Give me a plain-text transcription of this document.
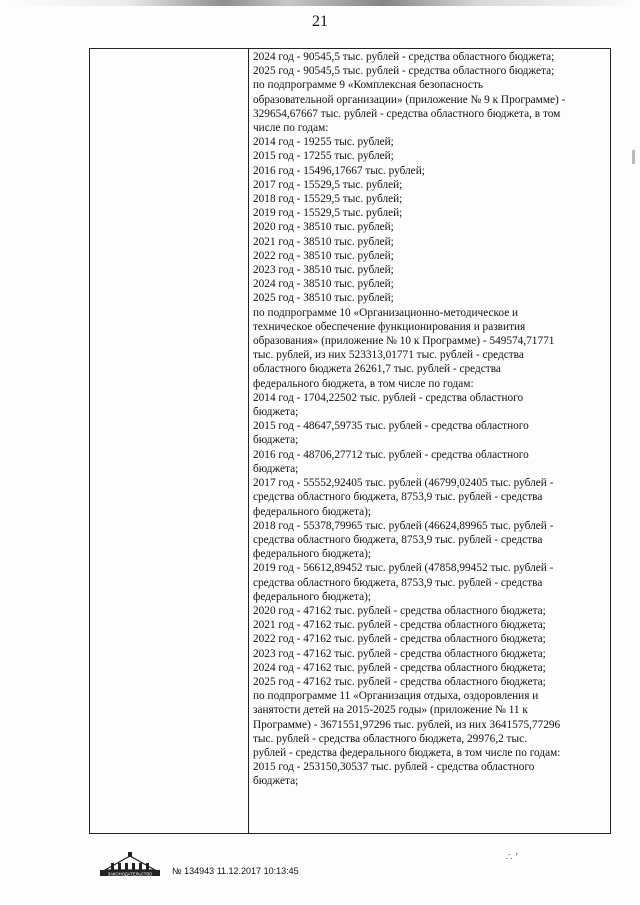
21
2024 год - 90545,5 тыс. рублей - средства областного бюджета;
2025 год - 90545,5 тыс. рублей - средства областного бюджета;
по подпрограмме 9 «Комплексная безопасность
образовательной организации» (приложение № 9 к Программе) -
329654,67667 тыс. рублей - средства областного бюджета, в том
числе по годам:
2014 год - 19255 тыс. рублей;
2015 год - 17255 тыс. рублей;
2016 год - 15496,17667 тыс. рублей;
2017 год - 15529,5 тыс. рублей;
2018 год - 15529,5 тыс. рублей;
2019 год - 15529,5 тыс. рублей;
2020 год - 38510 тыс. рублей;
2021 год - 38510 тыс. рублей;
2022 год - 38510 тыс. рублей;
2023 год - 38510 тыс. рублей;
2024 год - 38510 тыс. рублей;
2025 год - 38510 тыс. рублей;
по подпрограмме 10 «Организационно-методическое и
техническое обеспечение функционирования и развития
образования» (приложение № 10 к Программе) - 549574,71771
тыс. рублей, из них 523313,01771 тыс. рублей - средства
областного бюджета 26261,7 тыс. рублей - средства
федерального бюджета, в том числе по годам:
2014 год - 1704,22502 тыс. рублей - средства областного
бюджета;
2015 год - 48647,59735 тыс. рублей - средства областного
бюджета;
2016 год - 48706,27712 тыс. рублей - средства областного
бюджета;
2017 год - 55552,92405 тыс. рублей (46799,02405 тыс. рублей -
средства областного бюджета, 8753,9 тыс. рублей - средства
федерального бюджета);
2018 год - 55378,79965 тыс. рублей (46624,89965 тыс. рублей -
средства областного бюджета, 8753,9 тыс. рублей - средства
федерального бюджета);
2019 год - 56612,89452 тыс. рублей (47858,99452 тыс. рублей -
средства областного бюджета, 8753,9 тыс. рублей - средства
федерального бюджета);
2020 год - 47162 тыс. рублей - средства областного бюджета;
2021 год - 47162 тыс. рублей - средства областного бюджета;
2022 год - 47162 тыс. рублей - средства областного бюджета;
2023 год - 47162 тыс. рублей - средства областного бюджета;
2024 год - 47162 тыс. рублей - средства областного бюджета;
2025 год - 47162 тыс. рублей - средства областного бюджета;
по подпрограмме 11 «Организация отдыха, оздоровления и
занятости детей на 2015-2025 годы» (приложение № 11 к
Программе) - 3671551,97296 тыс. рублей, из них 3641575,77296
тыс. рублей - средства областного бюджета, 29976,2 тыс.
рублей - средства федерального бюджета, в том числе по годам:
2015 год - 253150,30537 тыс. рублей - средства областного
бюджета;
ЗАКОНОДАТЕЛЬСТВО № 134943 11.12.2017 10:13:45
∴ ʼ
